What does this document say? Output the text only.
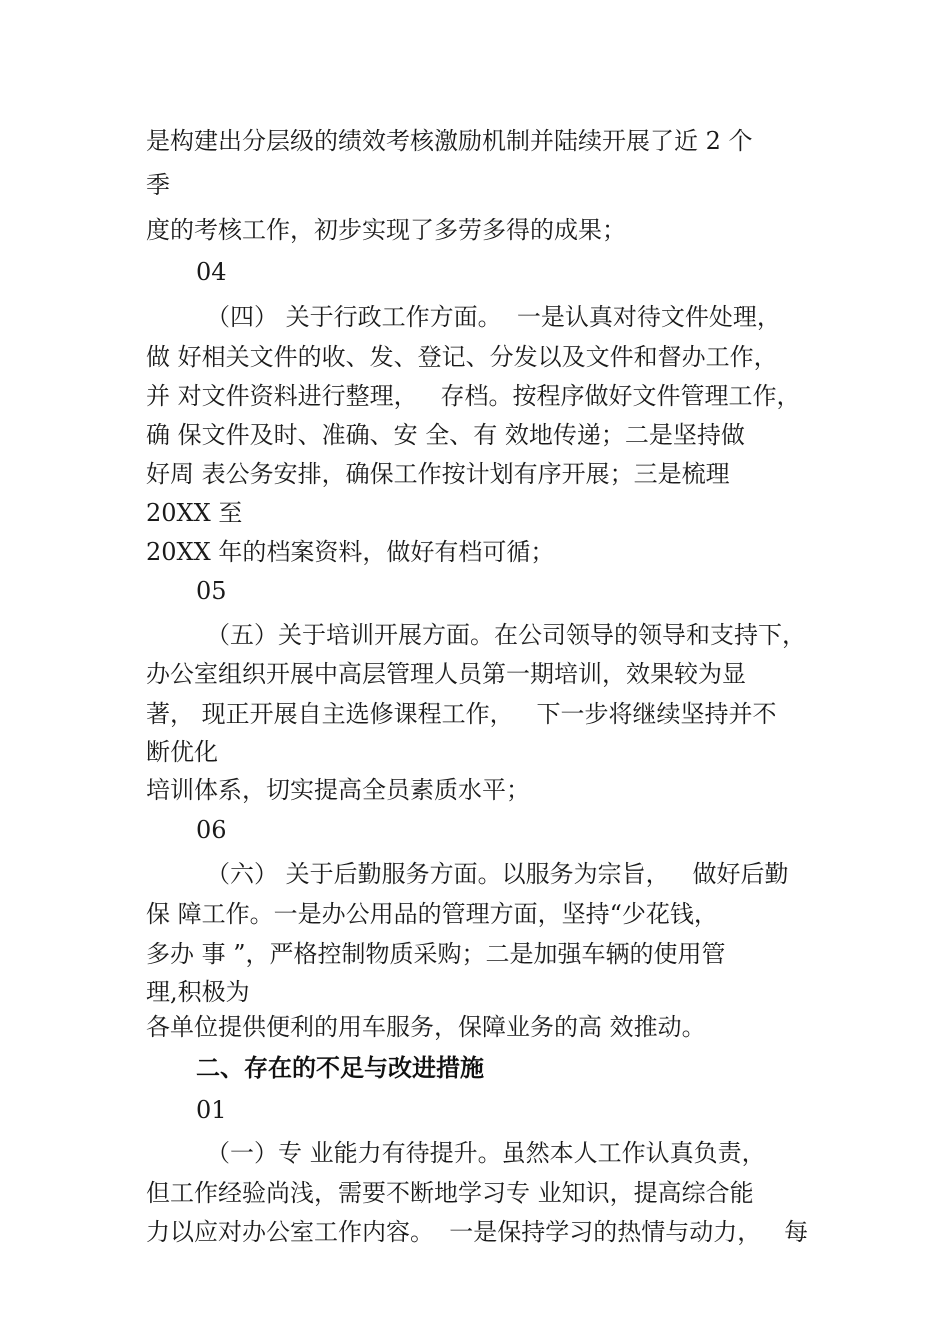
是构建出分层级的绩效考核激励机制并陆续开展了近 2 个
季
度的考核工作，初步实现了多劳多得的成果；
04
（四） 关于行政工作方面。  一是认真对待文件处理，
做 好相关文件的收、发、登记、分发以及文件和督办工作，
并 对文件资料进行整理，   存档。按程序做好文件管理工作，
确 保文件及时、准确、安 全、有 效地传递；二是坚持做
好周 表公务安排，确保工作按计划有序开展；三是梳理
20XX 至
20XX 年的档案资料，做好有档可循；
05
（五）关于培训开展方面。在公司领导的领导和支持下，
办公室组织开展中高层管理人员第一期培训，效果较为显
著， 现正开展自主选修课程工作，   下一步将继续坚持并不
断优化
培训体系，切实提高全员素质水平；
06
（六） 关于后勤服务方面。以服务为宗旨，   做好后勤
保 障工作。一是办公用品的管理方面，坚持“少花钱，
多办 事 ”，严格控制物质采购；二是加强车辆的使用管
理,积极为
各单位提供便利的用车服务，保障业务的高 效推动。
二、存在的不足与改进措施
01
（一）专 业能力有待提升。虽然本人工作认真负责，
但工作经验尚浅，需要不断地学习专 业知识，提高综合能
力以应对办公室工作内容。  一是保持学习的热情与动力，   每
